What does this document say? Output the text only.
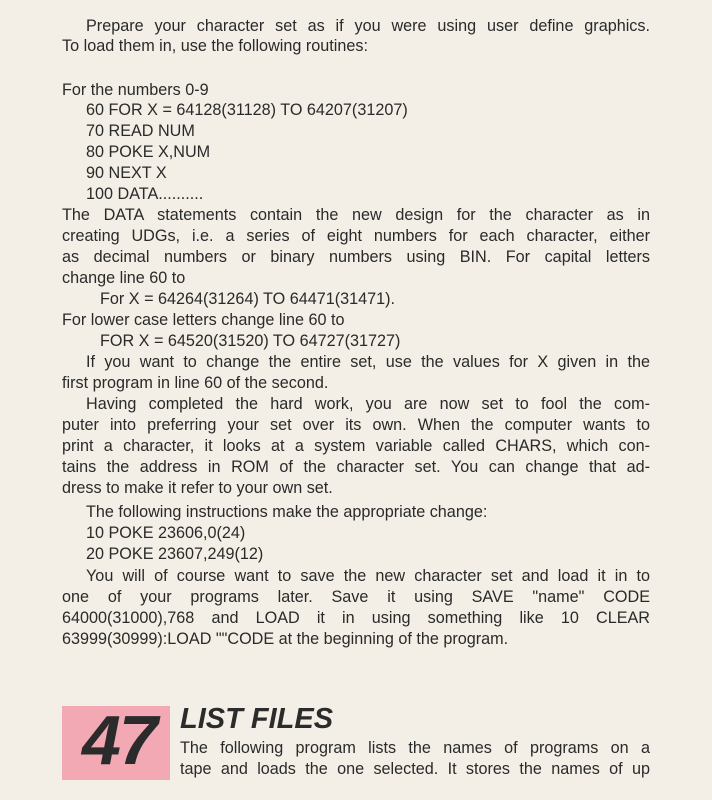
Prepare your character set as if you were using user define graphics.
To load them in, use the following routines:
For the numbers 0-9
60 FOR X = 64128(31128) TO 64207(31207)
70 READ NUM
80 POKE X,NUM
90 NEXT X
100 DATA..........
The DATA statements contain the new design for the character as in
creating UDGs, i.e. a series of eight numbers for each character, either
as decimal numbers or binary numbers using BIN. For capital letters
change line 60 to
For X = 64264(31264) TO 64471(31471).
For lower case letters change line 60 to
FOR X = 64520(31520) TO 64727(31727)
If you want to change the entire set, use the values for X given in the
first program in line 60 of the second.
Having completed the hard work, you are now set to fool the com-
puter into preferring your set over its own. When the computer wants to
print a character, it looks at a system variable called CHARS, which con-
tains the address in ROM of the character set. You can change that ad-
dress to make it refer to your own set.
The following instructions make the appropriate change:
10 POKE 23606,0(24)
20 POKE 23607,249(12)
You will of course want to save the new character set and load it in to
one of your programs later. Save it using SAVE "name" CODE
64000(31000),768 and LOAD it in using something like 10 CLEAR
63999(30999):LOAD ""CODE at the beginning of the program.
47 LIST FILES
The following program lists the names of programs on a
tape and loads the one selected. It stores the names of up
